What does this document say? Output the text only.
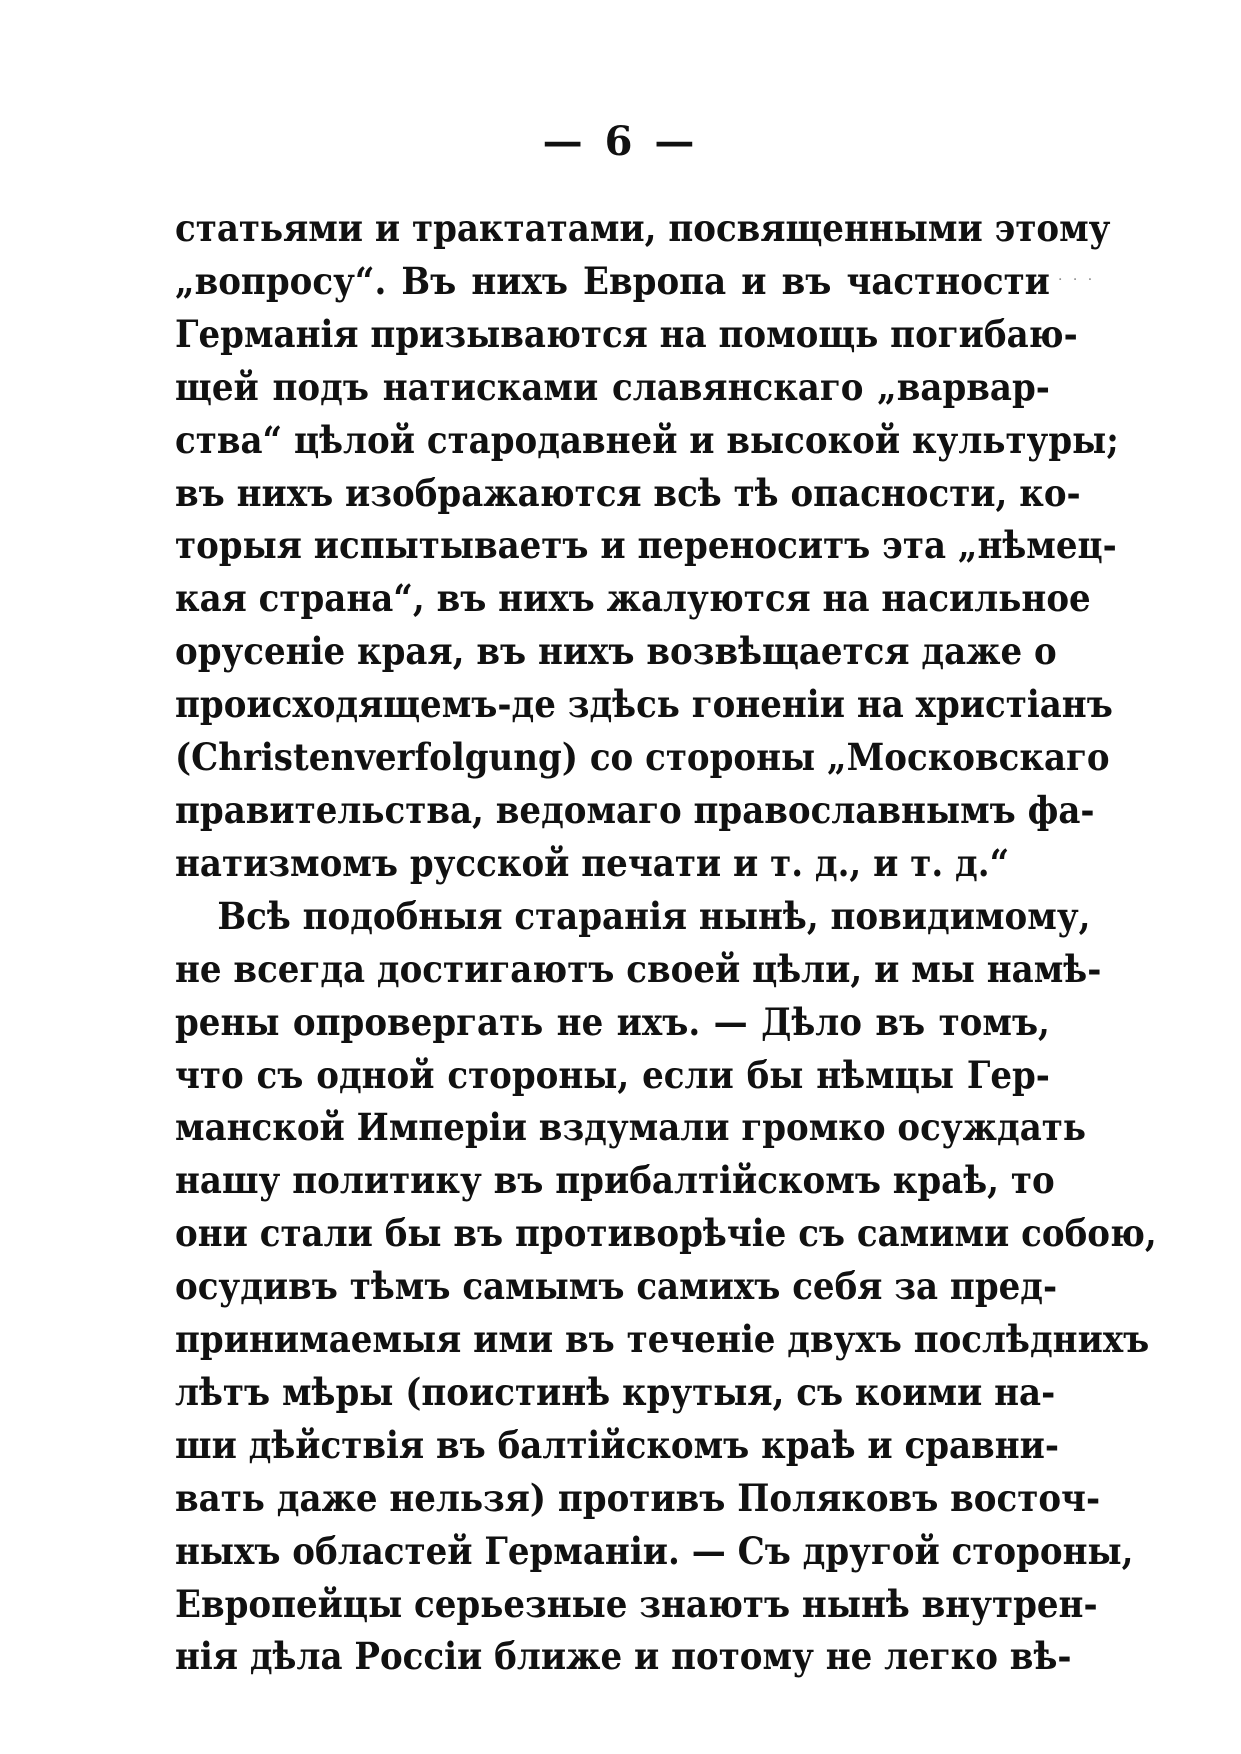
— 6 —
· · ·
статьями и трактатами, посвященными этому
„вопросу“. Въ нихъ Европа и въ частности
Германія призываются на помощь погибаю-
щей подъ натисками славянскаго „варвар-
ства“ цѣлой стародавней и высокой культуры;
въ нихъ изображаются всѣ тѣ опасности, ко-
торыя испытываетъ и переноситъ эта „нѣмец-
кая страна“, въ нихъ жалуются на насильное
орусеніе края, въ нихъ возвѣщается даже о
происходящемъ-де здѣсь гоненіи на христіанъ
(Christenverfolgung) со стороны „Московскаго
правительства, ведомаго православнымъ фа-
натизмомъ русской печати и т. д., и т. д.“
Всѣ подобныя старанія нынѣ, повидимому,
не всегда достигаютъ своей цѣли, и мы намѣ-
рены опровергать не ихъ. — Дѣло въ томъ,
что съ одной стороны, если бы нѣмцы Гер-
манской Имперіи вздумали громко осуждать
нашу политику въ прибалтійскомъ краѣ, то
они стали бы въ противорѣчіе съ самими собою,
осудивъ тѣмъ самымъ самихъ себя за пред-
принимаемыя ими въ теченіе двухъ послѣднихъ
лѣтъ мѣры (поистинѣ крутыя, съ коими на-
ши дѣйствія въ балтійскомъ краѣ и сравни-
вать даже нельзя) противъ Поляковъ восточ-
ныхъ областей Германіи. — Съ другой стороны,
Европейцы серьезные знаютъ нынѣ внутрен-
нія дѣла Россіи ближе и потому не легко вѣ-
